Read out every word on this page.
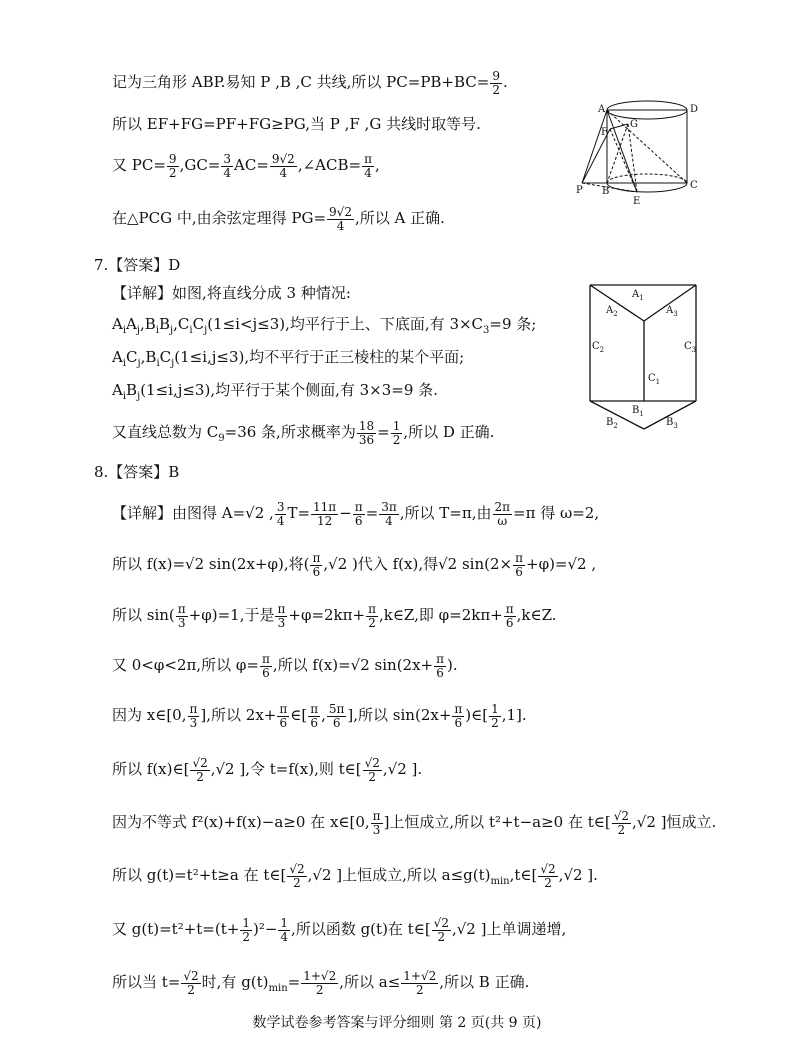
记为三角形 ABP.易知 P ,B ,C 共线,所以 $PC=PB+BC= \frac{9}{2}$ .
所以 EF+FG=PF+FG≥PG,当 P ,F ,G 共线时取等号.
又 $PC= \frac{9}{2} ,GC= \frac{3}{4} AC= \frac{9√2}{4}$ ,∠ACB= $\frac{\pi}{4}$ ,
在△PCG 中,由余弦定理得 $PG= \frac{9√2}{4}$ ,所以 A 正确.
A	D
F
G
P B
E
C
7.【答案】D
【详解】如图,将直线分成 3 种情况:
$A_iA_j,B_iB_j,C_iC_j(1\le i<j\le 3)$,均平行于上、下底面,有 $3\times C_3=9$ 条;
$A_iC_j,B_iC_j(1\le i,j\le 3)$,均不平行于正三棱柱的某个平面;
$A_iB_j(1\le i,j\le 3)$,均平行于某个侧面,有 3×3=9 条.
又直线总数为 $C_9=36$ 条,所求概率为 $\frac{18}{36} = \frac{1}{2}$ ,所以 D 正确.
$A_1$
$A_2$	$A_3$
$C_2$	$C_3$
$C_1$
$B_1$
$B_2$	$B_3$
8.【答案】B
【详解】由图得 A=√2 , $\frac{3}{4} T= \frac{11\pi}{12} - \frac{\pi}{6} = \frac{3\pi}{4}$ ,所以 T=π,由 $\frac{2\pi}{\omega} =\pi$ 得 ω=2,
所以 f(x)=√2 sin(2x+φ),将( $\frac{\pi}{6} ,√2$ )代入 f(x),得√2 $\sin(2\times \frac{\pi}{6} +\varphi)=√2$ ,
所以 $\sin( \frac{\pi}{3} +\varphi)=1$,于是 $\frac{\pi}{3} +\varphi=2k\pi+ \frac{\pi}{2}$ ,k∈Z,即 $\varphi=2k\pi+ \frac{\pi}{6}$ ,k∈Z.
又 0<φ<2π,所以 $\varphi= \frac{\pi}{6}$ ,所以 f(x)=√2 $\sin(2x+ \frac{\pi}{6}$ ).
因为 x∈[0, $\frac{\pi}{3}$ ],所以 $2x+ \frac{\pi}{6}$ ∈[ $\frac{\pi}{6}$ , $\frac{5\pi}{6}$ ],所以 $\sin(2x+ \frac{\pi}{6}$ )∈[ $\frac{1}{2} ,1$].
所以 f(x)∈[ $\frac{√2}{2} ,√2$ ],令 t=f(x),则 t∈[ $\frac{√2}{2} ,√2$ ].
因为不等式 f²(x)+f(x)−a≥0 在 x∈[0, $\frac{\pi}{3}$ ]上恒成立,所以 t²+t−a≥0 在 t∈[ $\frac{√2}{2} ,√2$ ]恒成立.
所以 g(t)=t²+t≥a 在 t∈[ $\frac{√2}{2} ,√2$ ]上恒成立,所以 $a\le g(t)_{min},t\in[ \frac{√2}{2} ,√2$ ].
又 $g(t)=t^2+t=(t+ \frac{1}{2} )^2- \frac{1}{4}$ ,所以函数 g(t)在 t∈[ $\frac{√2}{2} ,√2$ ]上单调递增,
所以当 $t= \frac{√2}{2}$ 时,有 $g(t)_{min}= \frac{1+√2}{2}$ ,所以 $a\le \frac{1+√2}{2}$ ,所以 B 正确.
数学试卷参考答案与评分细则 第 2 页(共 9 页)
